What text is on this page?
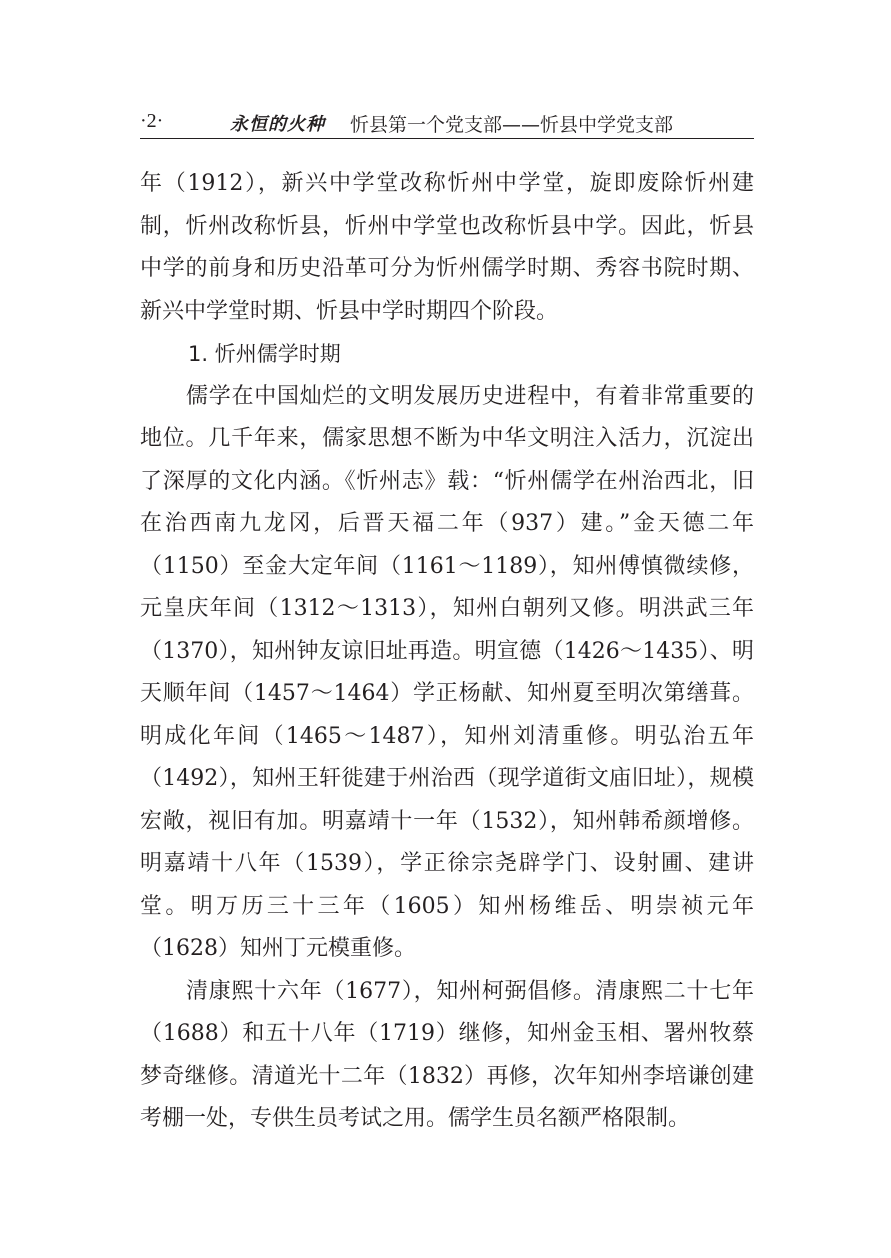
·2·	永恒的火种 忻县第一个党支部——忻县中学党支部

年（1912），新兴中学堂改称忻州中学堂，旋即废除忻州建制，忻州改称忻县，忻州中学堂也改称忻县中学。因此，忻县中学的前身和历史沿革可分为忻州儒学时期、秀容书院时期、新兴中学堂时期、忻县中学时期四个阶段。

1. 忻州儒学时期

儒学在中国灿烂的文明发展历史进程中，有着非常重要的地位。几千年来，儒家思想不断为中华文明注入活力，沉淀出了深厚的文化内涵。《忻州志》载：“忻州儒学在州治西北，旧在治西南九龙冈，后晋天福二年（937）建。”金天德二年（1150）至金大定年间（1161～1189），知州傅慎微续修，元皇庆年间（1312～1313），知州白朝列又修。明洪武三年（1370），知州钟友谅旧址再造。明宣德（1426～1435）、明天顺年间（1457～1464）学正杨献、知州夏至明次第缮葺。明成化年间（1465～1487），知州刘清重修。明弘治五年（1492），知州王轩徙建于州治西（现学道街文庙旧址），规模宏敞，视旧有加。明嘉靖十一年（1532），知州韩希颜增修。明嘉靖十八年（1539），学正徐宗尧辟学门、设射圃、建讲堂。明万历三十三年（1605）知州杨维岳、明崇祯元年（1628）知州丁元模重修。

清康熙十六年（1677），知州柯弼倡修。清康熙二十七年（1688）和五十八年（1719）继修，知州金玉相、署州牧蔡梦奇继修。清道光十二年（1832）再修，次年知州李培谦创建考棚一处，专供生员考试之用。儒学生员名额严格限制。
